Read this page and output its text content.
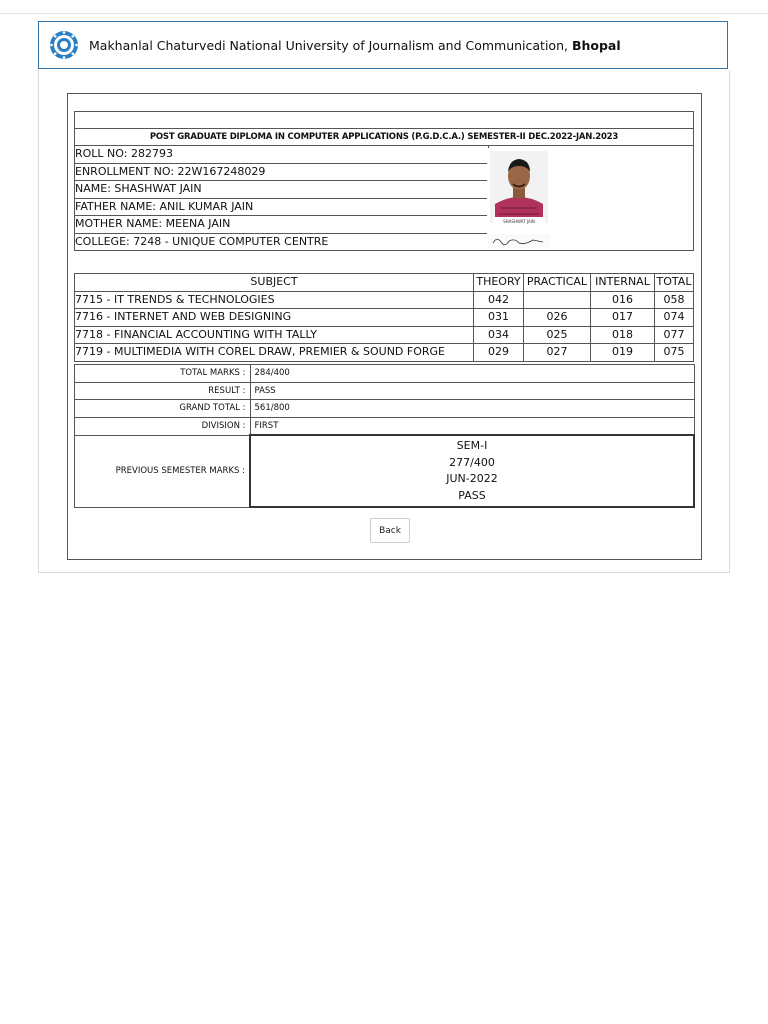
Makhanlal Chaturvedi National University of Journalism and Communication, Bhopal

POST GRADUATE DIPLOMA IN COMPUTER APPLICATIONS (P.G.D.C.A.) SEMESTER-II DEC.2022-JAN.2023
ROLL NO: 282793	
ENROLLMENT NO: 22W167248029
NAME: SHASHWAT JAIN
FATHER NAME: ANIL KUMAR JAIN
MOTHER NAME: MEENA JAIN
COLLEGE: 7248 - UNIQUE COMPUTER CENTRE
SHASHWAT JAIN
SUBJECT	THEORY	PRACTICAL	INTERNAL	TOTAL
7715 - IT TRENDS & TECHNOLOGIES	042		016	058
7716 - INTERNET AND WEB DESIGNING	031	026	017	074
7718 - FINANCIAL ACCOUNTING WITH TALLY	034	025	018	077
7719 - MULTIMEDIA WITH COREL DRAW, PREMIER & SOUND FORGE	029	027	019	075
TOTAL MARKS :	284/400
RESULT :	PASS
GRAND TOTAL :	561/800
DIVISION :	FIRST
PREVIOUS SEMESTER MARKS :	SEM-I
277/400
JUN-2022
PASS
Back
